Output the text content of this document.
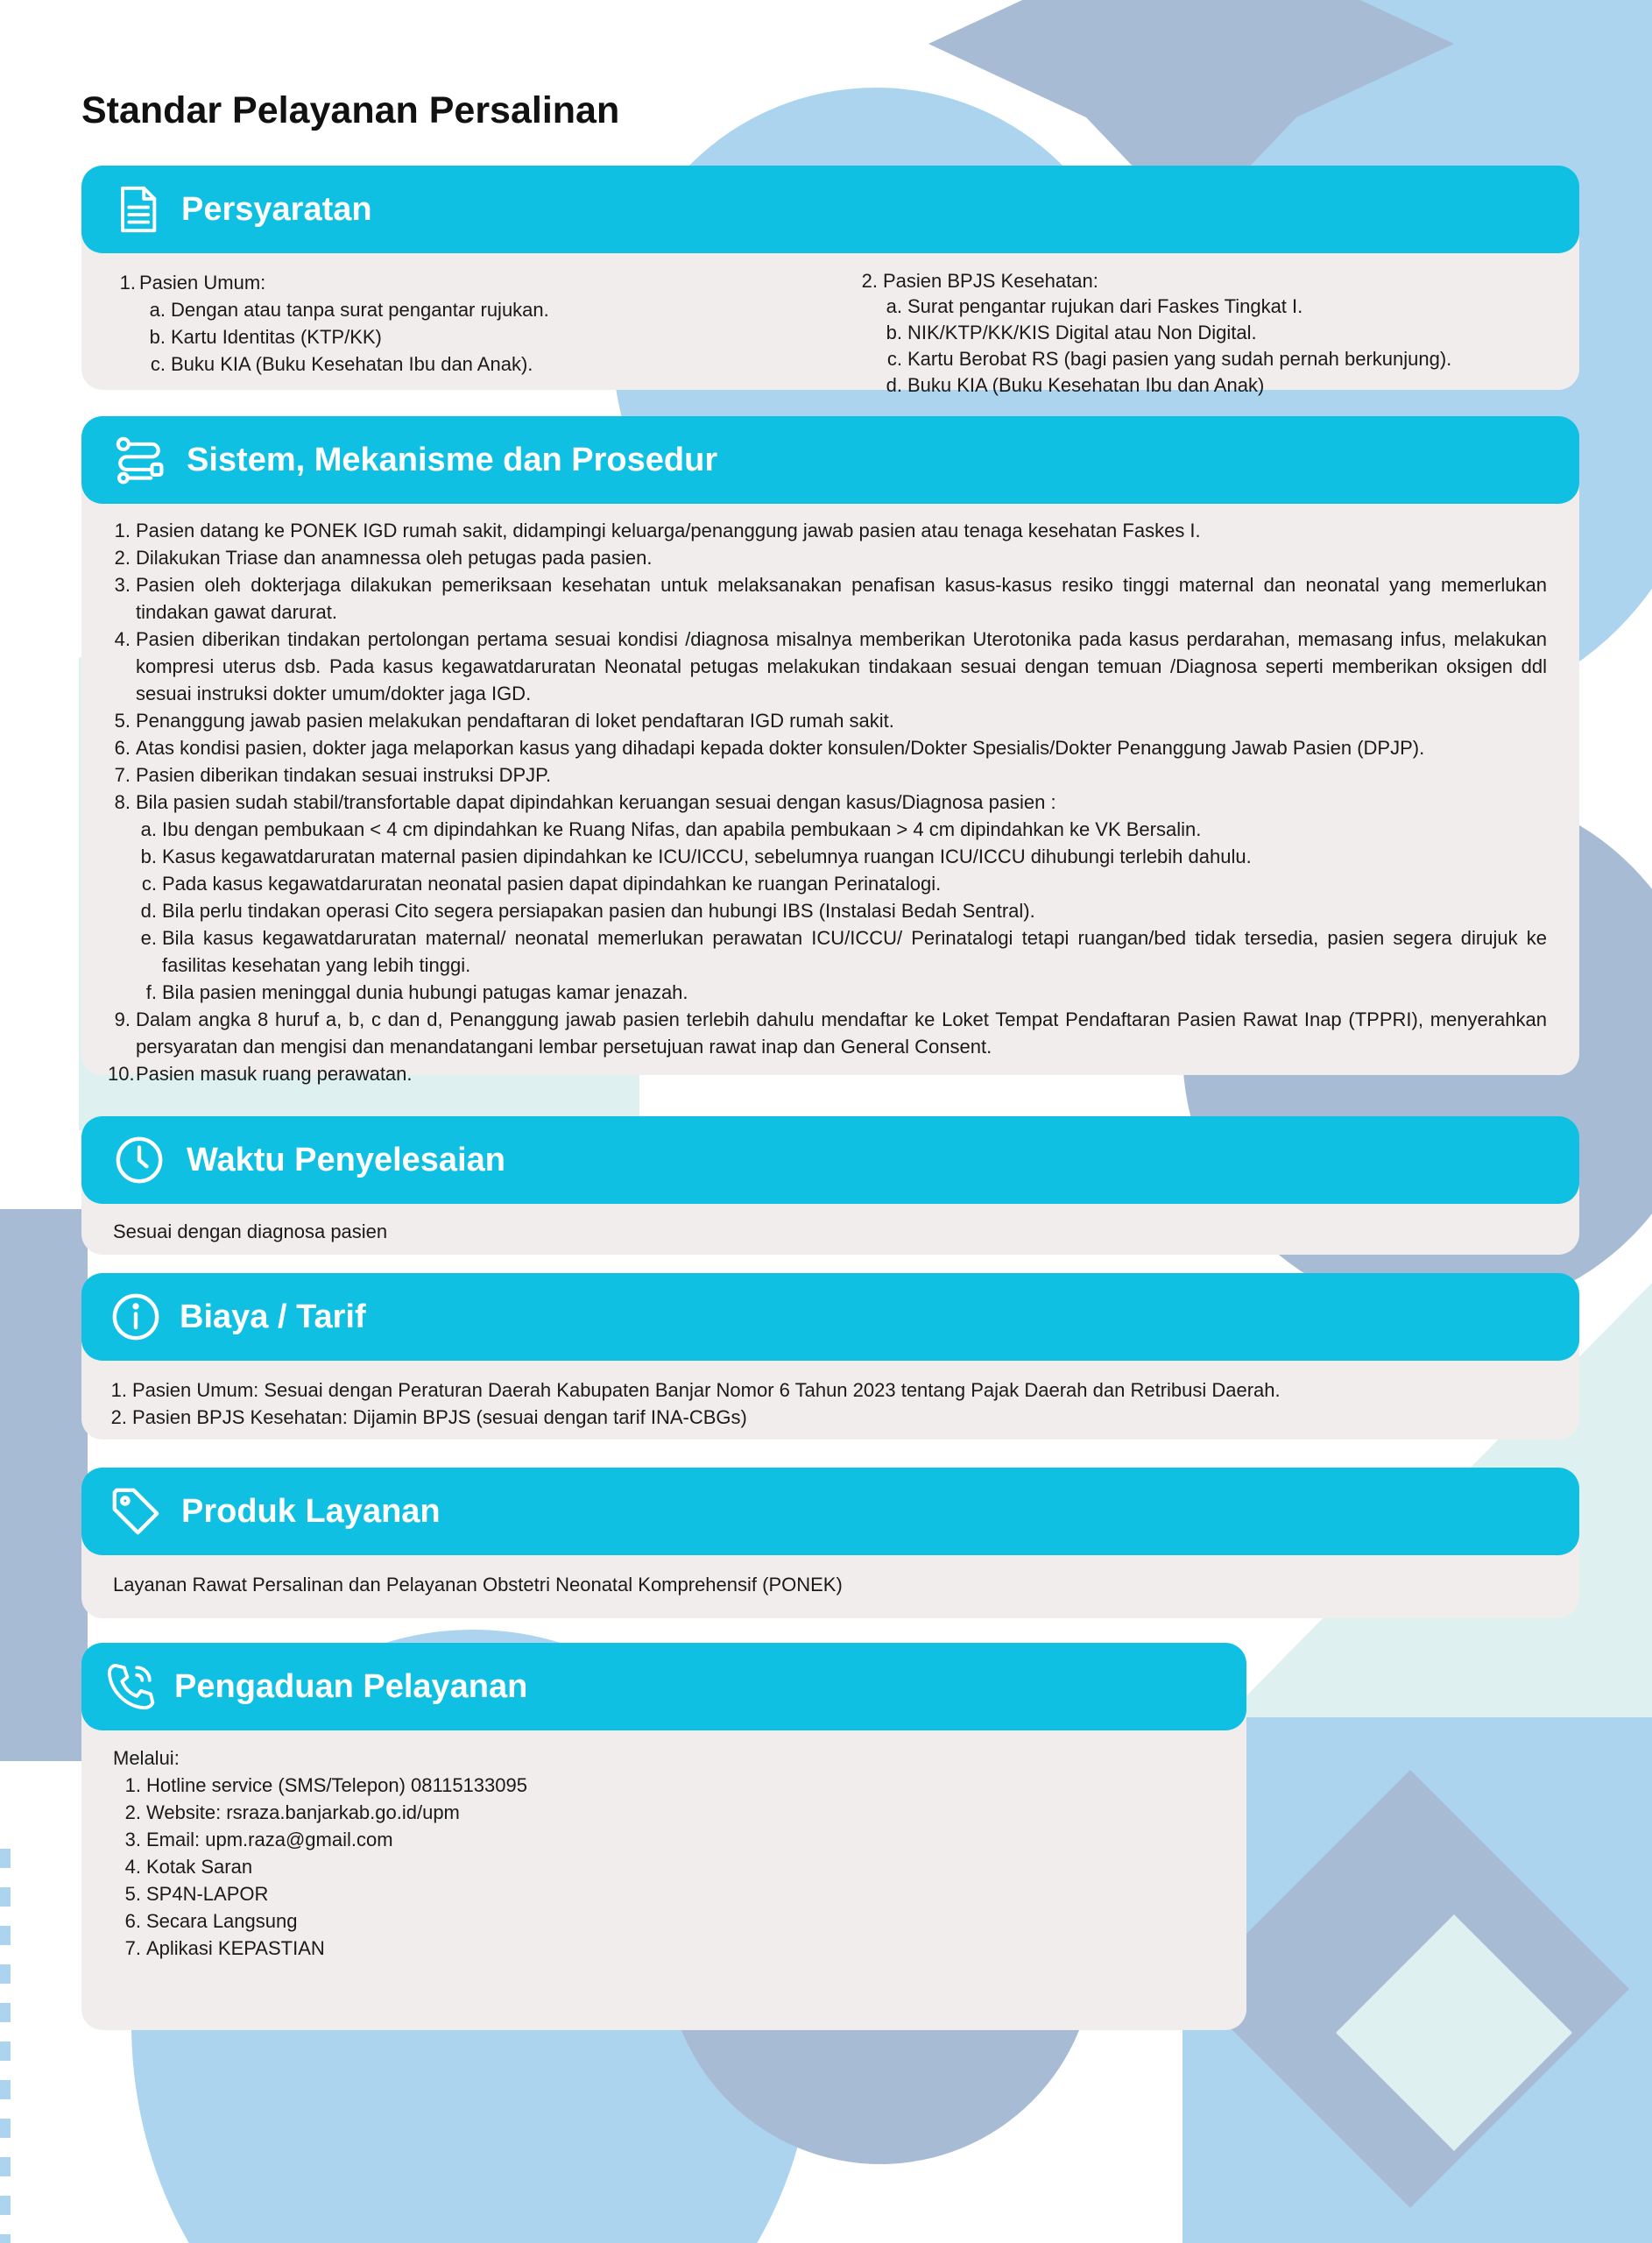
Standar Pelayanan Persalinan
Persyaratan
1. Pasien Umum:
a. Dengan atau tanpa surat pengantar rujukan.
b. Kartu Identitas (KTP/KK)
c. Buku KIA (Buku Kesehatan Ibu dan Anak).
2. Pasien BPJS Kesehatan:
a. Surat pengantar rujukan dari Faskes Tingkat I.
b. NIK/KTP/KK/KIS Digital atau Non Digital.
c. Kartu Berobat RS (bagi pasien yang sudah pernah berkunjung).
d. Buku KIA (Buku Kesehatan Ibu dan Anak)
Sistem, Mekanisme dan Prosedur
1. Pasien datang ke PONEK IGD rumah sakit, didampingi keluarga/penanggung jawab pasien atau tenaga kesehatan Faskes I.
2. Dilakukan Triase dan anamnessa oleh petugas pada pasien.
3. Pasien oleh dokterjaga dilakukan pemeriksaan kesehatan untuk melaksanakan penafisan kasus-kasus resiko tinggi maternal dan neonatal yang memerlukan tindakan gawat darurat.
4. Pasien diberikan tindakan pertolongan pertama sesuai kondisi /diagnosa misalnya memberikan Uterotonika pada kasus perdarahan, memasang infus, melakukan kompresi uterus dsb. Pada kasus kegawatdaruratan Neonatal petugas melakukan tindakaan sesuai dengan temuan /Diagnosa seperti memberikan oksigen ddl sesuai instruksi dokter umum/dokter jaga IGD.
5. Penanggung jawab pasien melakukan pendaftaran di loket pendaftaran IGD rumah sakit.
6. Atas kondisi pasien, dokter jaga melaporkan kasus yang dihadapi kepada dokter konsulen/Dokter Spesialis/Dokter Penanggung Jawab Pasien (DPJP).
7. Pasien diberikan tindakan sesuai instruksi DPJP.
8. Bila pasien sudah stabil/transfortable dapat dipindahkan keruangan sesuai dengan kasus/Diagnosa pasien :
a. Ibu dengan pembukaan < 4 cm dipindahkan ke Ruang Nifas, dan apabila pembukaan > 4 cm dipindahkan ke VK Bersalin.
b. Kasus kegawatdaruratan maternal pasien dipindahkan ke ICU/ICCU, sebelumnya ruangan ICU/ICCU dihubungi terlebih dahulu.
c. Pada kasus kegawatdaruratan neonatal pasien dapat dipindahkan ke ruangan Perinatalogi.
d. Bila perlu tindakan operasi Cito segera persiapakan pasien dan hubungi IBS (Instalasi Bedah Sentral).
e. Bila kasus kegawatdaruratan maternal/ neonatal memerlukan perawatan ICU/ICCU/ Perinatalogi tetapi ruangan/bed tidak tersedia, pasien segera dirujuk ke fasilitas kesehatan yang lebih tinggi.
f. Bila pasien meninggal dunia hubungi patugas kamar jenazah.
9. Dalam angka 8 huruf a, b, c dan d, Penanggung jawab pasien terlebih dahulu mendaftar ke Loket Tempat Pendaftaran Pasien Rawat Inap (TPPRI), menyerahkan persyaratan dan mengisi dan menandatangani lembar persetujuan rawat inap dan General Consent.
10. Pasien masuk ruang perawatan.
Waktu Penyelesaian

Sesuai dengan diagnosa pasien

Biaya / Tarif
1. Pasien Umum: Sesuai dengan Peraturan Daerah Kabupaten Banjar Nomor 6 Tahun 2023 tentang Pajak Daerah dan Retribusi Daerah.
2. Pasien BPJS Kesehatan: Dijamin BPJS (sesuai dengan tarif INA-CBGs)
Produk Layanan

Layanan Rawat Persalinan dan Pelayanan Obstetri Neonatal Komprehensif (PONEK)

Pengaduan Pelayanan

Melalui:

1. Hotline service (SMS/Telepon) 08115133095
2. Website: rsraza.banjarkab.go.id/upm
3. Email: upm.raza@gmail.com
4. Kotak Saran
5. SP4N-LAPOR
6. Secara Langsung
7. Aplikasi KEPASTIAN
